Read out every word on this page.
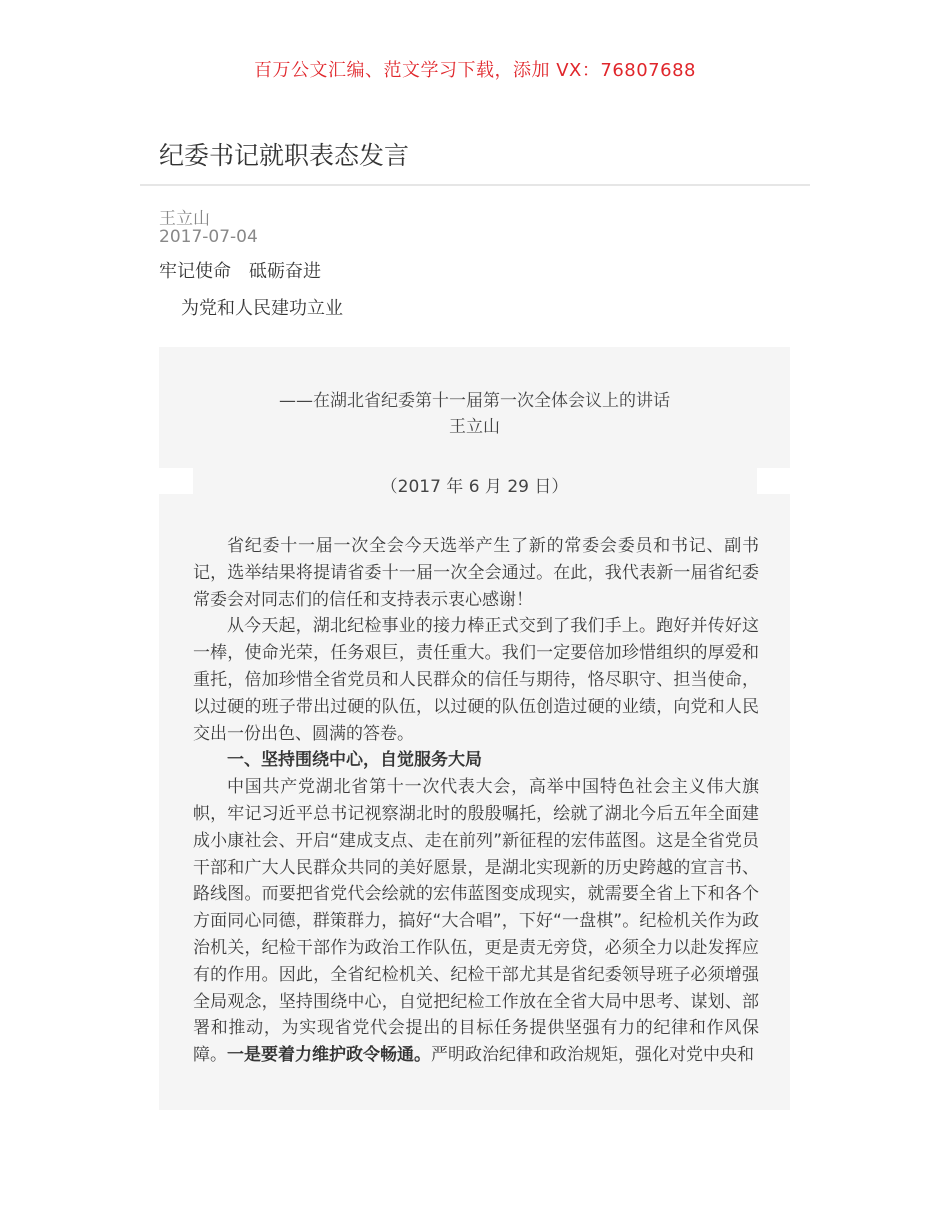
百万公文汇编、范文学习下载，添加 VX：76807688
纪委书记就职表态发言
王立山
2017-07-04
牢记使命　砥砺奋进
为党和人民建功立业
——在湖北省纪委第十一届第一次全体会议上的讲话
王立山
（2017 年 6 月 29 日）

省纪委十一届一次全会今天选举产生了新的常委会委员和书记、副书记，选举结果将提请省委十一届一次全会通过。在此，我代表新一届省纪委常委会对同志们的信任和支持表示衷心感谢！

从今天起，湖北纪检事业的接力棒正式交到了我们手上。跑好并传好这一棒，使命光荣，任务艰巨，责任重大。我们一定要倍加珍惜组织的厚爱和重托，倍加珍惜全省党员和人民群众的信任与期待，恪尽职守、担当使命，以过硬的班子带出过硬的队伍，以过硬的队伍创造过硬的业绩，向党和人民交出一份出色、圆满的答卷。

一、坚持围绕中心，自觉服务大局

中国共产党湖北省第十一次代表大会，高举中国特色社会主义伟大旗帜，牢记习近平总书记视察湖北时的殷殷嘱托，绘就了湖北今后五年全面建成小康社会、开启“建成支点、走在前列”新征程的宏伟蓝图。这是全省党员干部和广大人民群众共同的美好愿景，是湖北实现新的历史跨越的宣言书、路线图。而要把省党代会绘就的宏伟蓝图变成现实，就需要全省上下和各个方面同心同德，群策群力，搞好“大合唱”，下好“一盘棋”。纪检机关作为政治机关，纪检干部作为政治工作队伍，更是责无旁贷，必须全力以赴发挥应有的作用。因此，全省纪检机关、纪检干部尤其是省纪委领导班子必须增强全局观念，坚持围绕中心，自觉把纪检工作放在全省大局中思考、谋划、部署和推动，为实现省党代会提出的目标任务提供坚强有力的纪律和作风保障。一是要着力维护政令畅通。严明政治纪律和政治规矩，强化对党中央和
